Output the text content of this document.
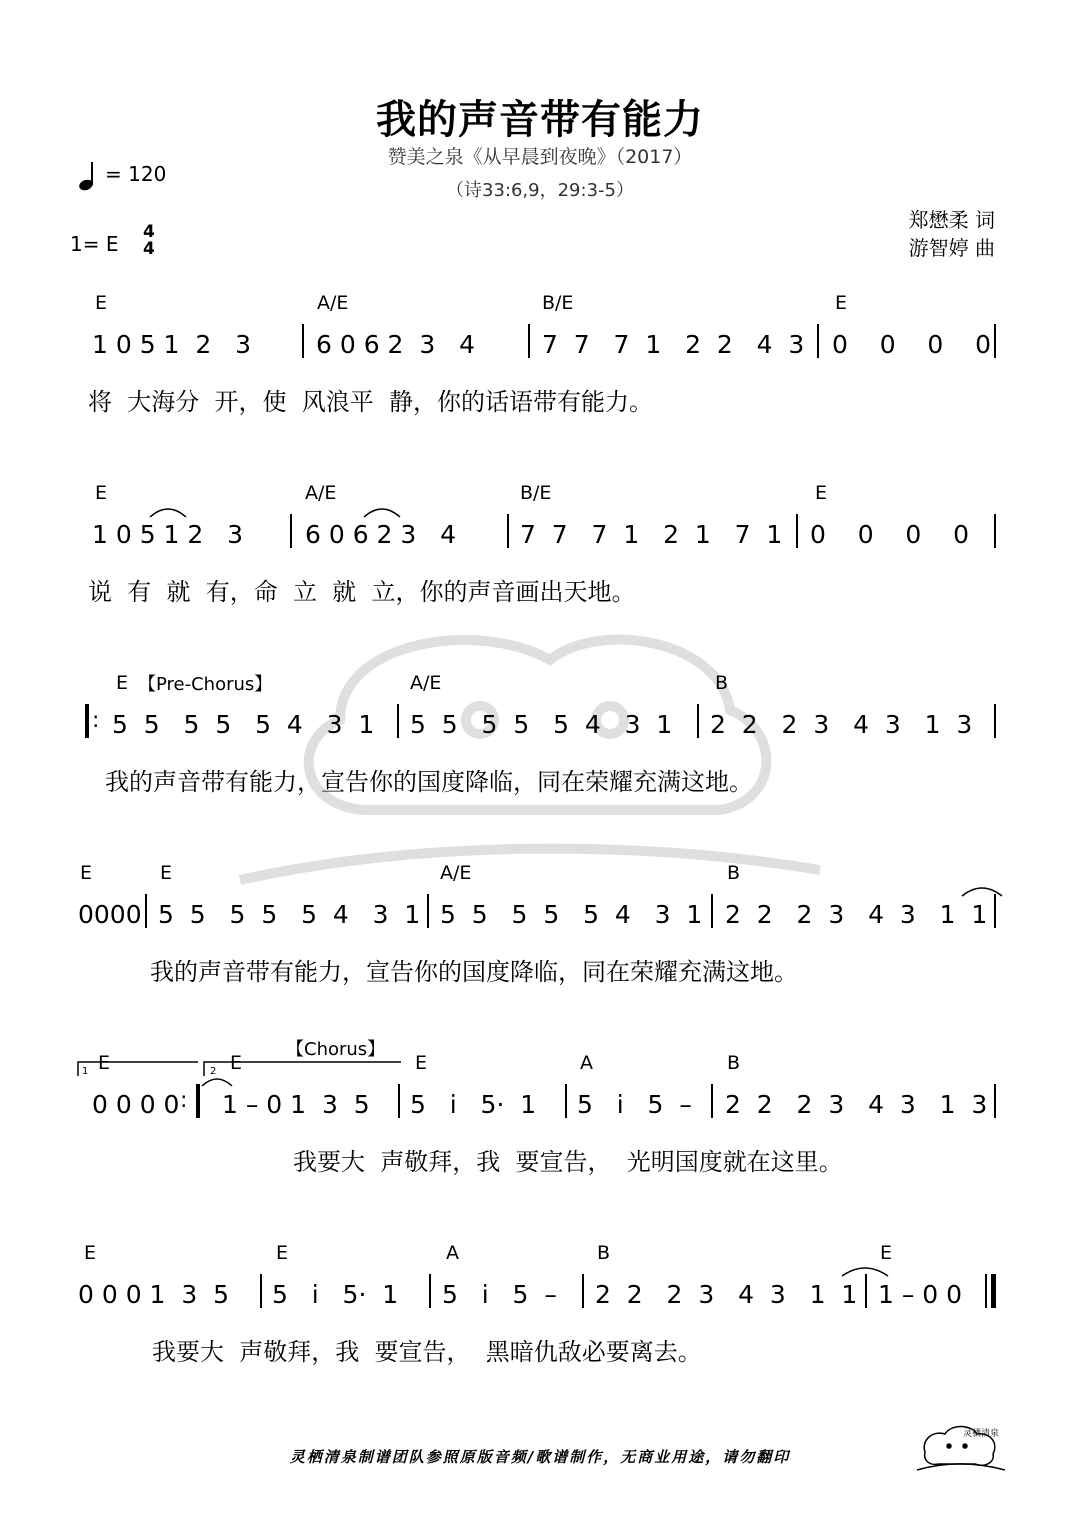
我的声音带有能力
赞美之泉《从早晨到夜晚》（2017）
（诗33:6,9，29:3-5）
= 120
1= E 4
4
郑懋柔 词
游智婷 曲
E	A/E	B/E	E
1 0 5 1  2   3	6 0 6 2  3   4	7  7   7  1   2  2   4  3 0    0    0    0
将  大海分  开，使  风浪平  静，你的话语带有能力。
E	A/E	B/E	E
1 0 5 1 2   3 6 0 6 2 3   4	7  7   7  1   2  1   7  1 0    0    0    0
说  有  就  有，命  立  就  立，你的声音画出天地。
E 【Pre-Chorus】	A/E	B
: 5  5   5  5   5  4   3  1 5  5   5  5   5  4   3  1 2  2   2  3   4  3   1  3
我的声音带有能力，宣告你的国度降临，同在荣耀充满这地。
E	E	A/E	B
0000 5  5   5  5   5  4   3  1 5  5   5  5   5  4   3  1 2  2   2  3   4  3   1  1
我的声音带有能力，宣告你的国度降临，同在荣耀充满这地。
【Chorus】
1	2
E	E	E	A	B
0 0 0 0 : 1 – 0 1  3  5 5   i   5·  1 5   i   5  – 2  2   2  3   4  3   1  3
我要大  声敬拜，我  要宣告，  光明国度就在这里。
E	E	A	B	E
0 0 0 1  3  5 5   i   5·  1 5   i   5  – 2  2   2  3   4  3   1  1 1 – 0 0
我要大  声敬拜，我  要宣告，  黑暗仇敌必要离去。
灵栖清泉制谱团队参照原版音频/歌谱制作，无商业用途，请勿翻印
灵栖清泉
